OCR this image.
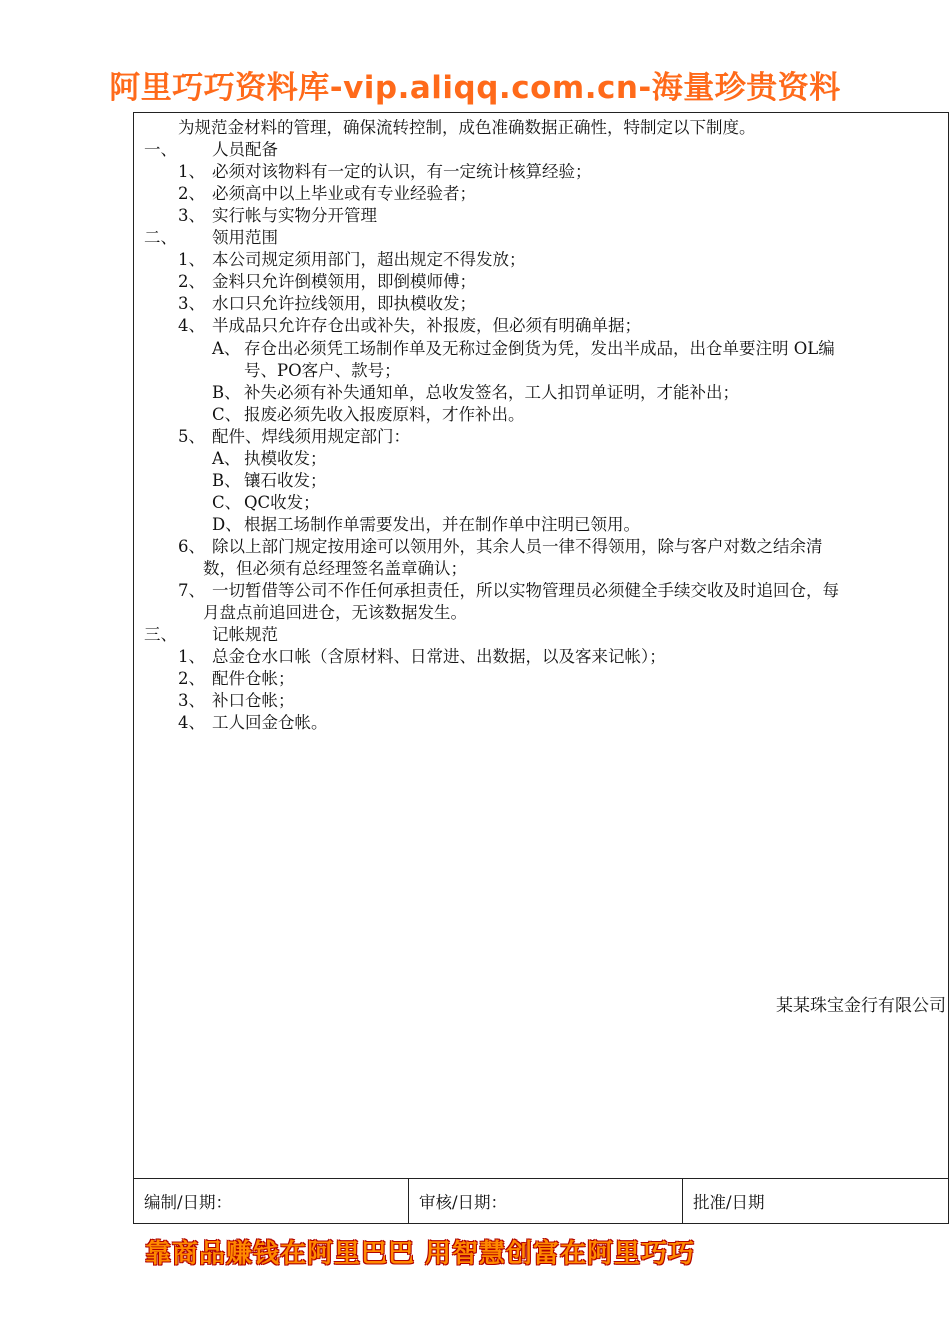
阿里巧巧资料库-vip.aliqq.com.cn-海量珍贵资料
为规范金材料的管理，确保流转控制，成色准确数据正确性，特制定以下制度。
一、 人员配备
1、 必须对该物料有一定的认识，有一定统计核算经验；
2、 必须高中以上毕业或有专业经验者；
3、 实行帐与实物分开管理
二、 领用范围
1、 本公司规定须用部门，超出规定不得发放；
2、 金料只允许倒模领用，即倒模师傅；
3、 水口只允许拉线领用，即执模收发；
4、 半成品只允许存仓出或补失，补报废，但必须有明确单据；
A、 存仓出必须凭工场制作单及无称过金倒货为凭，发出半成品，出仓单要注明 OL编
号、PO客户、款号；
B、 补失必须有补失通知单，总收发签名，工人扣罚单证明，才能补出；
C、 报废必须先收入报废原料，才作补出。
5、 配件、焊线须用规定部门：
A、 执模收发；
B、 镶石收发；
C、 QC收发；
D、 根据工场制作单需要发出，并在制作单中注明已领用。
6、 除以上部门规定按用途可以领用外，其余人员一律不得领用，除与客户对数之结余清
数，但必须有总经理签名盖章确认；
7、 一切暂借等公司不作任何承担责任，所以实物管理员必须健全手续交收及时追回仓，每
月盘点前追回进仓，无该数据发生。
三、 记帐规范
1、 总金仓水口帐（含原材料、日常进、出数据，以及客来记帐）；
2、 配件仓帐；
3、 补口仓帐；
4、 工人回金仓帐。
某某珠宝金行有限公司
编制/日期：	审核/日期：	批准/日期
靠商品赚钱在阿里巴巴 用智慧创富在阿里巧巧
